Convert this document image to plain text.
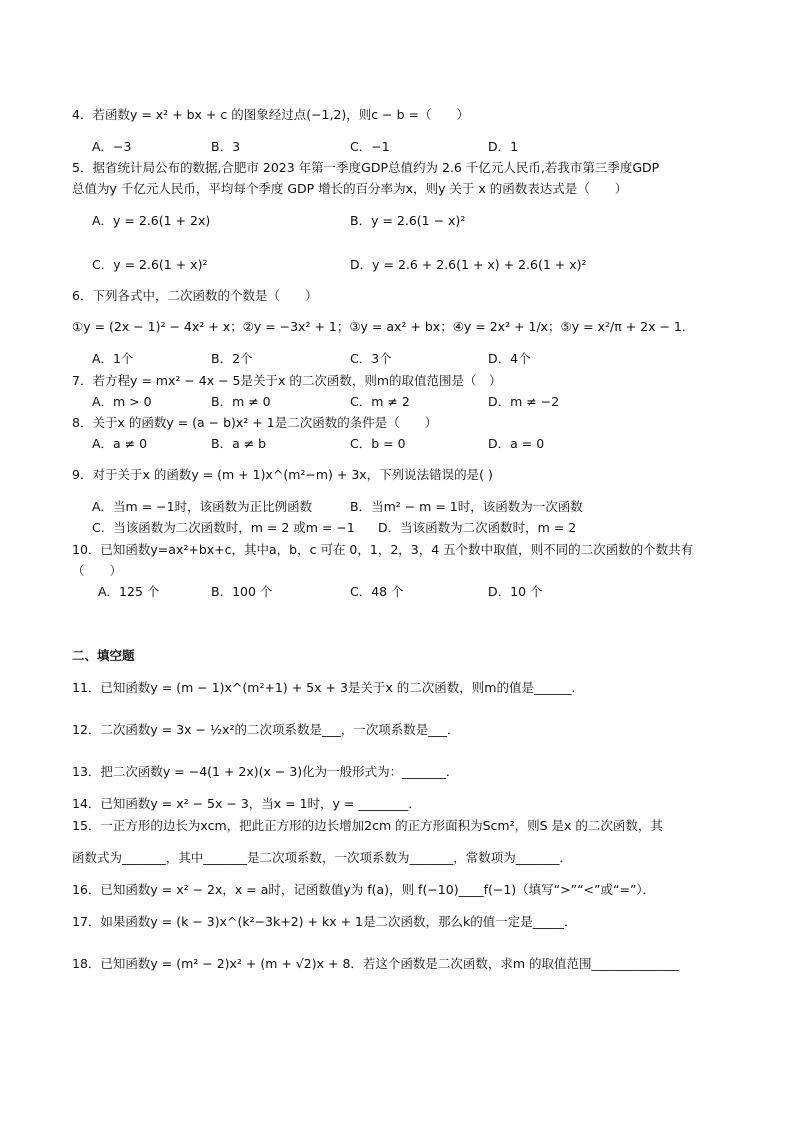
4．若函数y = x² + bx + c 的图象经过点(−1,2)，则c − b =（　　）
A．−3	B．3	C．−1	D．1
5．据省统计局公布的数据,合肥市 2023 年第一季度GDP总值约为 2.6 千亿元人民币,若我市第三季度GDP
总值为y 千亿元人民币，平均每个季度 GDP 增长的百分率为x，则y 关于 x 的函数表达式是（　　）
A．y = 2.6(1 + 2x)	B．y = 2.6(1 − x)²
C．y = 2.6(1 + x)²	D．y = 2.6 + 2.6(1 + x) + 2.6(1 + x)²
6．下列各式中，二次函数的个数是（　　）
①y = (2x − 1)² − 4x² + x；②y = −3x² + 1；③y = ax² + bx；④y = 2x² + 1/x；⑤y = x²/π + 2x − 1．
A．1个	B．2个	C．3个	D．4个
7．若方程y = mx² − 4x − 5是关于x 的二次函数，则m的取值范围是（　）
A．m > 0	B．m ≠ 0	C．m ≠ 2	D．m ≠ −2
8．关于x 的函数y = (a − b)x² + 1是二次函数的条件是（　　）
A．a ≠ 0	B．a ≠ b	C．b = 0	D．a = 0
9．对于关于x 的函数y = (m + 1)x^(m²−m) + 3x，下列说法错误的是( )
A．当m = −1时，该函数为正比例函数	B．当m² − m = 1时，该函数为一次函数
C．当该函数为二次函数时，m = 2 或m = −1 D．当该函数为二次函数时，m = 2
10．已知函数y=ax²+bx+c，其中a，b，c 可在 0，1，2，3，4 五个数中取值，则不同的二次函数的个数共有
（　　）
A．125 个	B．100 个	C．48 个	D．10 个
二、填空题
11．已知函数y = (m − 1)x^(m²+1) + 5x + 3是关于x 的二次函数，则m的值是______．
12．二次函数y = 3x − ½x²的二次项系数是___，一次项系数是___．
13．把二次函数y = −4(1 + 2x)(x − 3)化为一般形式为：_______．
14．已知函数y = x² − 5x − 3，当x = 1时，y = ________．
15．一正方形的边长为xcm，把此正方形的边长增加2cm 的正方形面积为Scm²，则S 是x 的二次函数，其
函数式为_______，其中_______是二次项系数，一次项系数为_______，常数项为_______．
16．已知函数y = x² − 2x，x = a时，记函数值y为 f(a)，则 f(−10)____f(−1)（填写“>”“<”或“=”）．
17．如果函数y = (k − 3)x^(k²−3k+2) + kx + 1是二次函数，那么k的值一定是_____．
18．已知函数y = (m² − 2)x² + (m + √2)x + 8．若这个函数是二次函数，求m 的取值范围______________
